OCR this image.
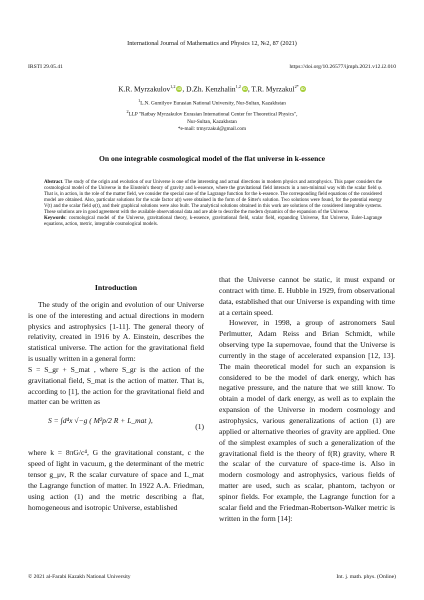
International Journal of Mathematics and Physics 12, №2, 87 (2021)
IRSTI 29.05.41	https://doi.org/10.26577/ijmph.2021.v12.i2.010
K.R. Myrzakulov$^{1,2}$ iD, D.Zh. Kenzhalin$^{1,2}$ iD, T.R. Myrzakul$^{2*}$ iD
$^1$L.N. Gumilyov Eurasian National University, Nur-Sultan, Kazakhstan
$^2$LLP "Ratbay Myrzakulov Eurasian International Center for Theoretical Physics",
Nur-Sultan, Kazakhstan
*e-mail: trmyrzakul@gmail.com
On one integrable cosmological model of the flat universe in k-essence
Abstract. The study of the origin and evolution of our Universe is one of the interesting and actual directions in modern physics and astrophysics. This paper considers the cosmological model of the Universe in the Einstein's theory of gravity and k-essence, where the gravitational field interacts in a non-minimal way with the scalar field φ. That is, in action, in the role of the matter field, we consider the special case of the Lagrange function for the k-essence. The corresponding field equations of the considered model are obtained. Also, particular solutions for the scale factor a(t) were obtained in the form of de Sitter's solution. Two solutions were found, for the potential energy V(t) and the scalar field φ(t), and their graphical solutions were also built. The analytical solutions obtained in this work are solutions of the considered integrable systems. These solutions are in good agreement with the available observational data and are able to describe the modern dynamics of the expansion of the Universe.
Keywords: cosmological model of the Universe, gravitational theory, k-essence, gravitational field, scalar field, expanding Universe, flat Universe, Euler-Lagrange equations, action, metric, integrable cosmological models.
Introduction

The study of the origin and evolution of our Universe is one of the interesting and actual directions in modern physics and astrophysics [1-11]. The general theory of relativity, created in 1916 by A. Einstein, describes the statistical universe. The action for the gravitational field is usually written in a general form:

S = S_gr + S_mat , where S_gr is the action of the gravitational field, S_mat is the action of matter. That is, according to [1], the action for the gravitational field and matter can be written as

S = ∫d⁴x √−g ( M²p/2 R + L_mat ),
(1)

where k = 8πG/c⁴, G the gravitational constant, c the speed of light in vacuum, g the determinant of the metric tensor g_μν, R the scalar curvature of space and L_mat the Lagrange function of matter. In 1922 A.A. Friedman, using action (1) and the metric describing a flat, homogeneous and isotropic Universe, established

that the Universe cannot be static, it must expand or contract with time. E. Hubble in 1929, from observational data, established that our Universe is expanding with time at a certain speed.

However, in 1998, a group of astronomers Saul Perlmutter, Adam Reiss and Brian Schmidt, while observing type Ia supernovae, found that the Universe is currently in the stage of accelerated expansion [12, 13]. The main theoretical model for such an expansion is considered to be the model of dark energy, which has negative pressure, and the nature that we still know. To obtain a model of dark energy, as well as to explain the expansion of the Universe in modern cosmology and astrophysics, various generalizations of action (1) are applied or alternative theories of gravity are applied. One of the simplest examples of such a generalization of the gravitational field is the theory of f(R) gravity, where R the scalar of the curvature of space-time is. Also in modern cosmology and astrophysics, various fields of matter are used, such as scalar, phantom, tachyon or spinor fields. For example, the Lagrange function for a scalar field and the Friedman-Robertson-Walker metric is written in the form [14]:

© 2021 al-Farabi Kazakh National University	Int. j. math. phys. (Online)
